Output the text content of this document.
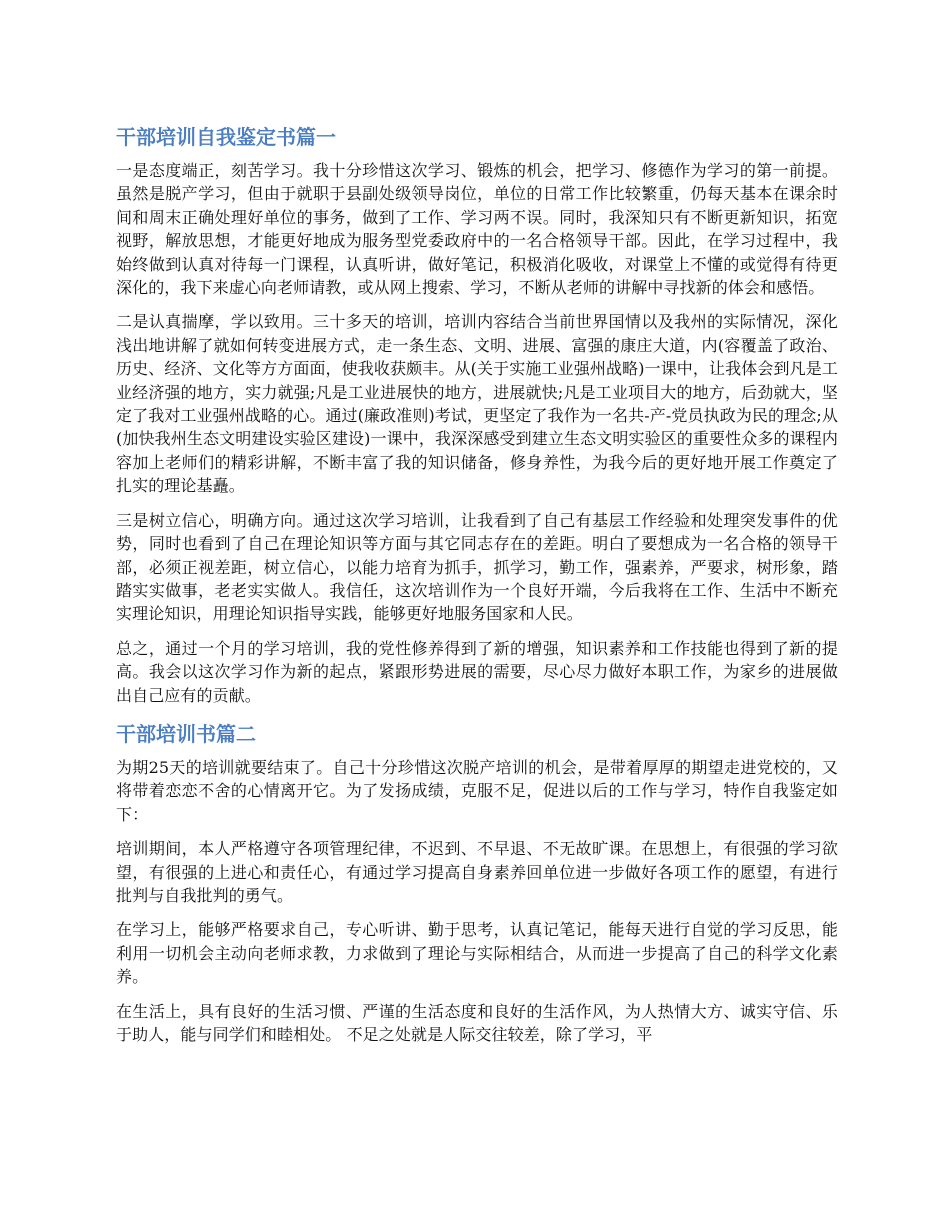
干部培训自我鉴定书篇一

一是态度端正，刻苦学习。我十分珍惜这次学习、锻炼的机会，把学习、修德作为学习的第一前提。虽然是脱产学习，但由于就职于县副处级领导岗位，单位的日常工作比较繁重，仍每天基本在课余时间和周末正确处理好单位的事务，做到了工作、学习两不误。同时，我深知只有不断更新知识，拓宽视野，解放思想，才能更好地成为服务型党委政府中的一名合格领导干部。因此，在学习过程中，我始终做到认真对待每一门课程，认真听讲，做好笔记，积极消化吸收，对课堂上不懂的或觉得有待更深化的，我下来虚心向老师请教，或从网上搜索、学习，不断从老师的讲解中寻找新的体会和感悟。

二是认真揣摩，学以致用。三十多天的培训，培训内容结合当前世界国情以及我州的实际情况，深化浅出地讲解了就如何转变进展方式，走一条生态、文明、进展、富强的康庄大道，内(容覆盖了政治、历史、经济、文化等方方面面，使我收获颇丰。从(关于实施工业强州战略)一课中，让我体会到凡是工业经济强的地方，实力就强;凡是工业进展快的地方，进展就快;凡是工业项目大的地方，后劲就大，坚定了我对工业强州战略的心。通过(廉政准则)考试，更坚定了我作为一名共-产-党员执政为民的理念;从(加快我州生态文明建设实验区建设)一课中，我深深感受到建立生态文明实验区的重要性众多的课程内容加上老师们的精彩讲解，不断丰富了我的知识储备，修身养性，为我今后的更好地开展工作奠定了扎实的理论基矗。

三是树立信心，明确方向。通过这次学习培训，让我看到了自己有基层工作经验和处理突发事件的优势，同时也看到了自己在理论知识等方面与其它同志存在的差距。明白了要想成为一名合格的领导干部，必须正视差距，树立信心，以能力培育为抓手，抓学习，勤工作，强素养，严要求，树形象，踏踏实实做事，老老实实做人。我信任，这次培训作为一个良好开端，今后我将在工作、生活中不断充实理论知识，用理论知识指导实践，能够更好地服务国家和人民。

总之，通过一个月的学习培训，我的党性修养得到了新的增强，知识素养和工作技能也得到了新的提高。我会以这次学习作为新的起点，紧跟形势进展的需要，尽心尽力做好本职工作，为家乡的进展做出自己应有的贡献。

干部培训书篇二

为期25天的培训就要结束了。自己十分珍惜这次脱产培训的机会，是带着厚厚的期望走进党校的，又将带着恋恋不舍的心情离开它。为了发扬成绩，克服不足，促进以后的工作与学习，特作自我鉴定如下：

培训期间，本人严格遵守各项管理纪律，不迟到、不早退、不无故旷课。在思想上，有很强的学习欲望，有很强的上进心和责任心，有通过学习提高自身素养回单位进一步做好各项工作的愿望，有进行批判与自我批判的勇气。

在学习上，能够严格要求自己，专心听讲、勤于思考，认真记笔记，能每天进行自觉的学习反思，能利用一切机会主动向老师求教，力求做到了理论与实际相结合，从而进一步提高了自己的科学文化素养。

在生活上，具有良好的生活习惯、严谨的生活态度和良好的生活作风，为人热情大方、诚实守信、乐于助人，能与同学们和睦相处。 不足之处就是人际交往较差，除了学习，平
